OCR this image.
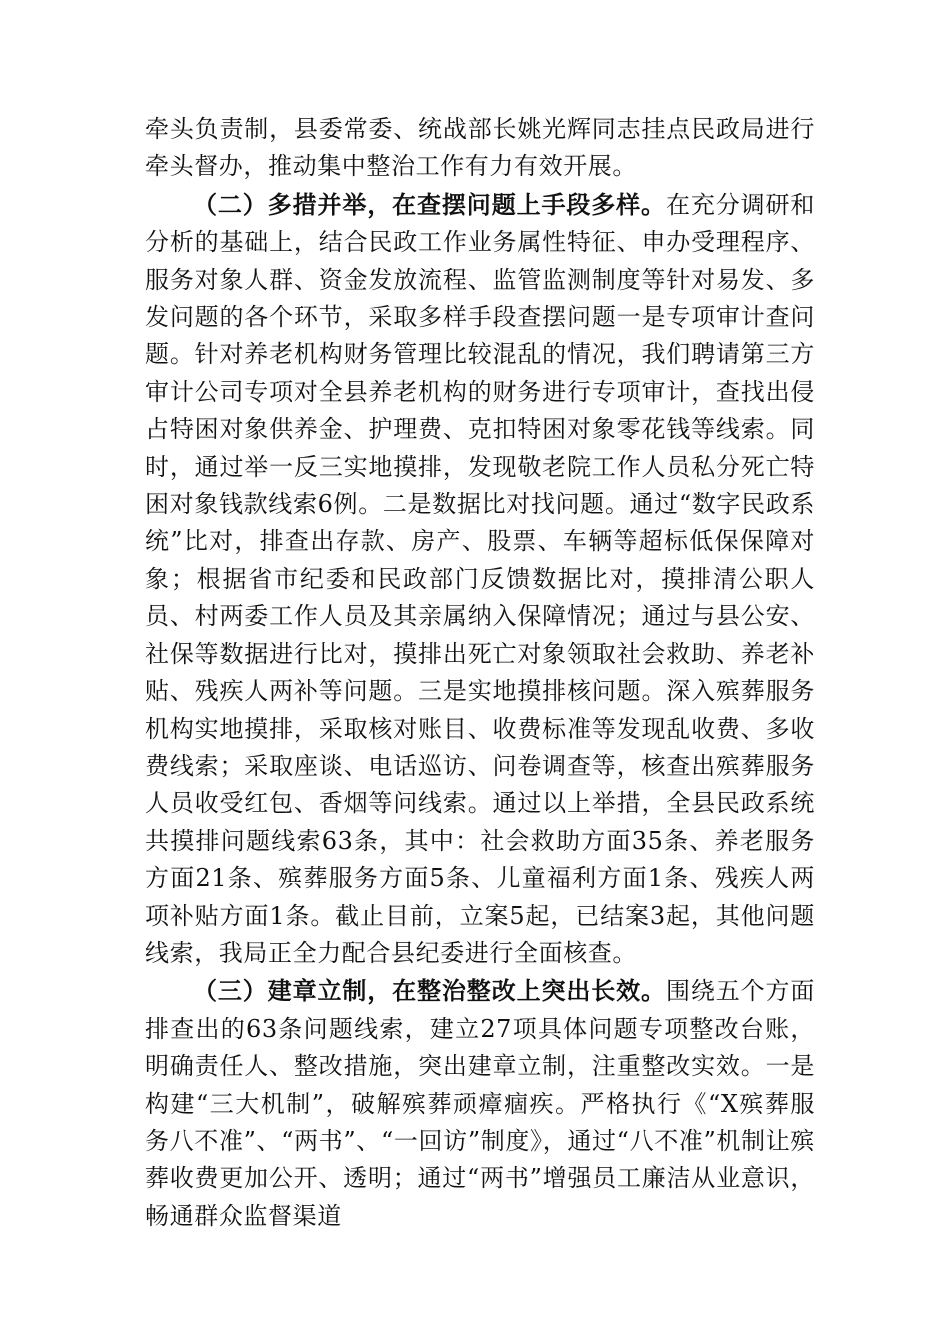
牵头负责制，县委常委、统战部长姚光辉同志挂点民政局进行牵头督办，推动集中整治工作有力有效开展。

（二）多措并举，在查摆问题上手段多样。在充分调研和分析的基础上，结合民政工作业务属性特征、申办受理程序、服务对象人群、资金发放流程、监管监测制度等针对易发、多发问题的各个环节，采取多样手段查摆问题一是专项审计查问题。针对养老机构财务管理比较混乱的情况，我们聘请第三方审计公司专项对全县养老机构的财务进行专项审计，查找出侵占特困对象供养金、护理费、克扣特困对象零花钱等线索。同时，通过举一反三实地摸排，发现敬老院工作人员私分死亡特困对象钱款线索6例。二是数据比对找问题。通过“数字民政系统”比对，排查出存款、房产、股票、车辆等超标低保保障对象；根据省市纪委和民政部门反馈数据比对，摸排清公职人员、村两委工作人员及其亲属纳入保障情况；通过与县公安、社保等数据进行比对，摸排出死亡对象领取社会救助、养老补贴、残疾人两补等问题。三是实地摸排核问题。深入殡葬服务机构实地摸排，采取核对账目、收费标准等发现乱收费、多收费线索；采取座谈、电话巡访、问卷调查等，核查出殡葬服务人员收受红包、香烟等问线索。通过以上举措，全县民政系统共摸排问题线索63条，其中：社会救助方面35条、养老服务方面21条、殡葬服务方面5条、儿童福利方面1条、残疾人两项补贴方面1条。截止目前，立案5起，已结案3起，其他问题线索，我局正全力配合县纪委进行全面核查。

（三）建章立制，在整治整改上突出长效。围绕五个方面排查出的63条问题线索，建立27项具体问题专项整改台账，明确责任人、整改措施，突出建章立制，注重整改实效。一是构建“三大机制”，破解殡葬顽瘴痼疾。严格执行《“X殡葬服务八不准”、“两书”、“一回访”制度》，通过“八不准”机制让殡葬收费更加公开、透明；通过“两书”增强员工廉洁从业意识，畅通群众监督渠道
